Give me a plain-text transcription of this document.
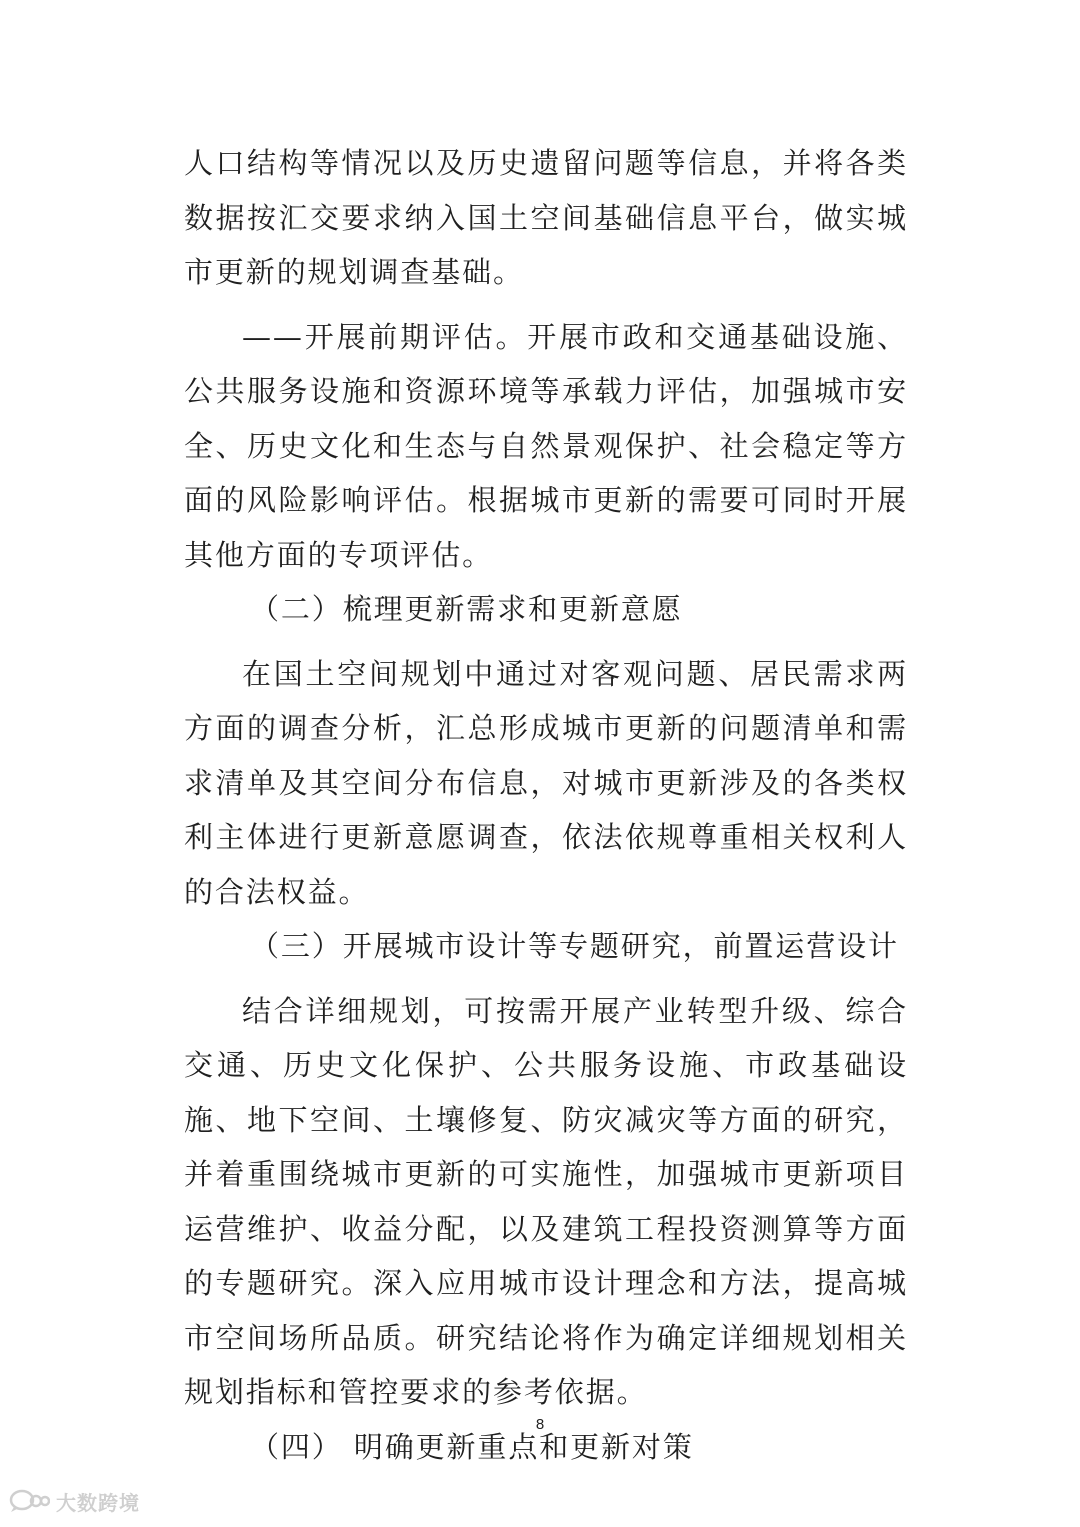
人口结构等情况以及历史遗留问题等信息，并将各类数据按汇交要求纳入国土空间基础信息平台，做实城市更新的规划调查基础。

——开展前期评估。开展市政和交通基础设施、公共服务设施和资源环境等承载力评估，加强城市安全、历史文化和生态与自然景观保护、社会稳定等方面的风险影响评估。根据城市更新的需要可同时开展其他方面的专项评估。

（二）梳理更新需求和更新意愿

在国土空间规划中通过对客观问题、居民需求两方面的调查分析，汇总形成城市更新的问题清单和需求清单及其空间分布信息，对城市更新涉及的各类权利主体进行更新意愿调查，依法依规尊重相关权利人的合法权益。

（三）开展城市设计等专题研究，前置运营设计

结合详细规划，可按需开展产业转型升级、综合交通、历史文化保护、公共服务设施、市政基础设施、地下空间、土壤修复、防灾减灾等方面的研究，并着重围绕城市更新的可实施性，加强城市更新项目运营维护、收益分配，以及建筑工程投资测算等方面的专题研究。深入应用城市设计理念和方法，提高城市空间场所品质。研究结论将作为确定详细规划相关规划指标和管控要求的参考依据。

（四） 明确更新重点和更新对策

8
大数跨境
